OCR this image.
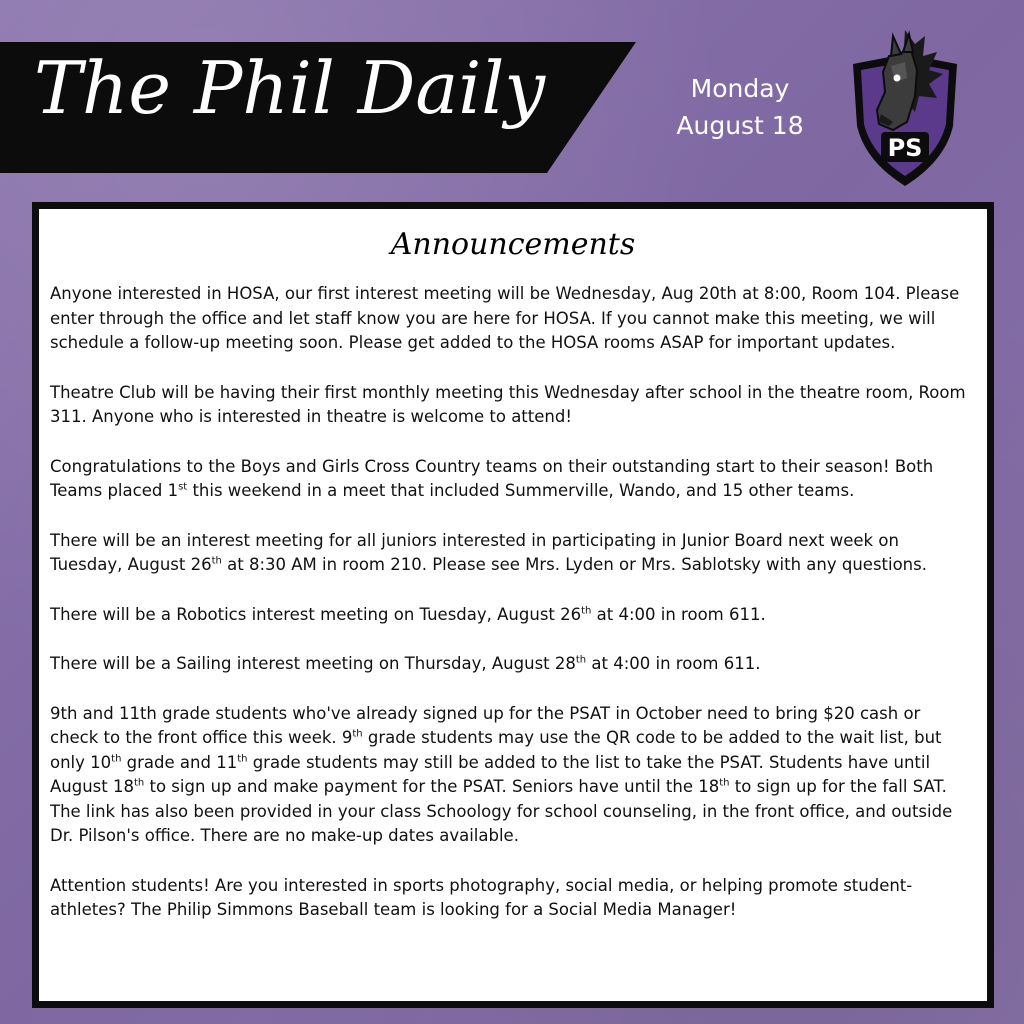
The Phil Daily	Monday
August 18
PS
Announcements

Anyone interested in HOSA, our first interest meeting will be Wednesday, Aug 20th at 8:00, Room 104. Please enter through the office and let staff know you are here for HOSA. If you cannot make this meeting, we will schedule a follow-up meeting soon. Please get added to the HOSA rooms ASAP for important updates.

Theatre Club will be having their first monthly meeting this Wednesday after school in the theatre room, Room 311. Anyone who is interested in theatre is welcome to attend!

Congratulations to the Boys and Girls Cross Country teams on their outstanding start to their season! Both Teams placed 1st this weekend in a meet that included Summerville, Wando, and 15 other teams.

There will be an interest meeting for all juniors interested in participating in Junior Board next week on Tuesday, August 26th at 8:30 AM in room 210. Please see Mrs. Lyden or Mrs. Sablotsky with any questions.

There will be a Robotics interest meeting on Tuesday, August 26th at 4:00 in room 611.

There will be a Sailing interest meeting on Thursday, August 28th at 4:00 in room 611.

9th and 11th grade students who've already signed up for the PSAT in October need to bring $20 cash or check to the front office this week. 9th grade students may use the QR code to be added to the wait list, but only 10th grade and 11th grade students may still be added to the list to take the PSAT. Students have until August 18th to sign up and make payment for the PSAT. Seniors have until the 18th to sign up for the fall SAT. The link has also been provided in your class Schoology for school counseling, in the front office, and outside Dr. Pilson's office. There are no make-up dates available.

Attention students! Are you interested in sports photography, social media, or helping promote student-athletes? The Philip Simmons Baseball team is looking for a Social Media Manager!
